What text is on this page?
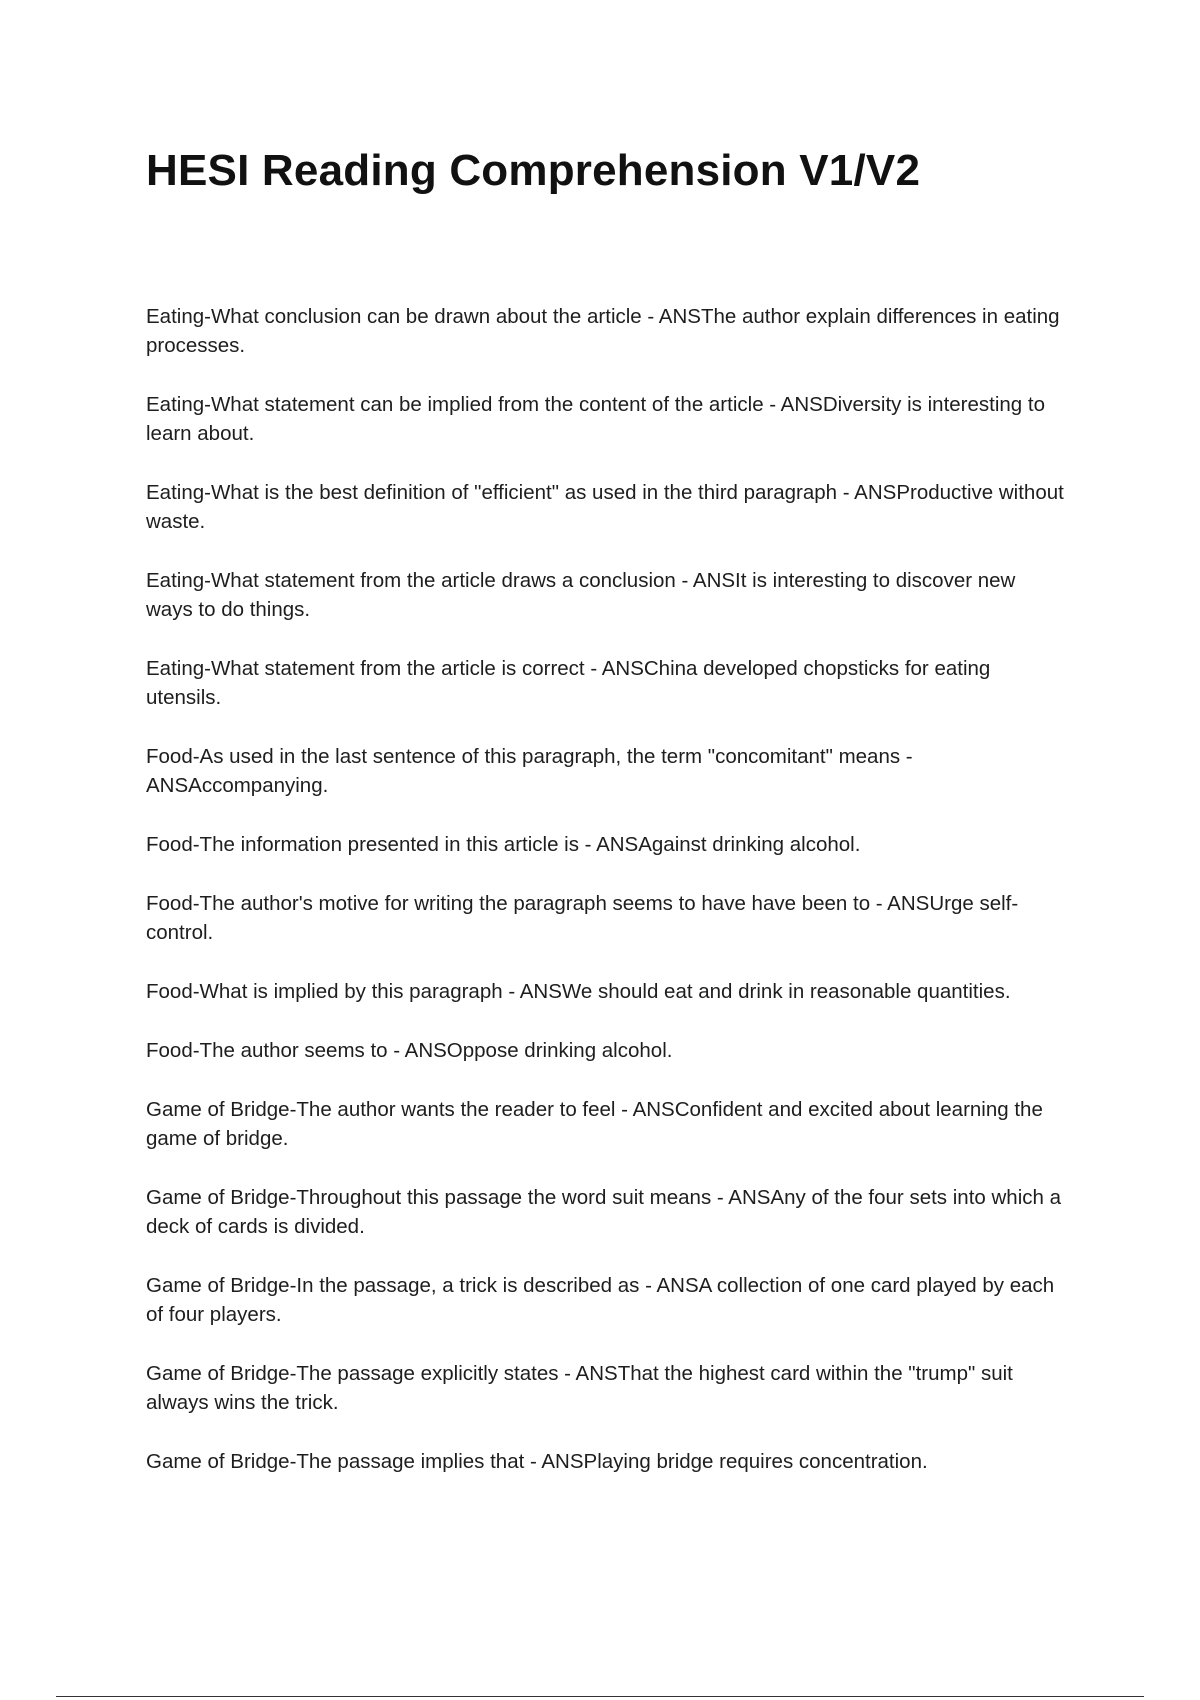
HESI Reading Comprehension V1/V2

Eating-What conclusion can be drawn about the article - ANSThe author explain differences in eating processes.

Eating-What statement can be implied from the content of the article - ANSDiversity is interesting to learn about.

Eating-What is the best definition of "efficient" as used in the third paragraph - ANSProductive without waste.

Eating-What statement from the article draws a conclusion - ANSIt is interesting to discover new ways to do things.

Eating-What statement from the article is correct - ANSChina developed chopsticks for eating utensils.

Food-As used in the last sentence of this paragraph, the term "concomitant" means - ANSAccompanying.

Food-The information presented in this article is - ANSAgainst drinking alcohol.

Food-The author's motive for writing the paragraph seems to have have been to - ANSUrge self-control.

Food-What is implied by this paragraph - ANSWe should eat and drink in reasonable quantities.

Food-The author seems to - ANSOppose drinking alcohol.

Game of Bridge-The author wants the reader to feel - ANSConfident and excited about learning the game of bridge.

Game of Bridge-Throughout this passage the word suit means - ANSAny of the four sets into which a deck of cards is divided.

Game of Bridge-In the passage, a trick is described as - ANSA collection of one card played by each of four players.

Game of Bridge-The passage explicitly states - ANSThat the highest card within the "trump" suit always wins the trick.

Game of Bridge-The passage implies that - ANSPlaying bridge requires concentration.
